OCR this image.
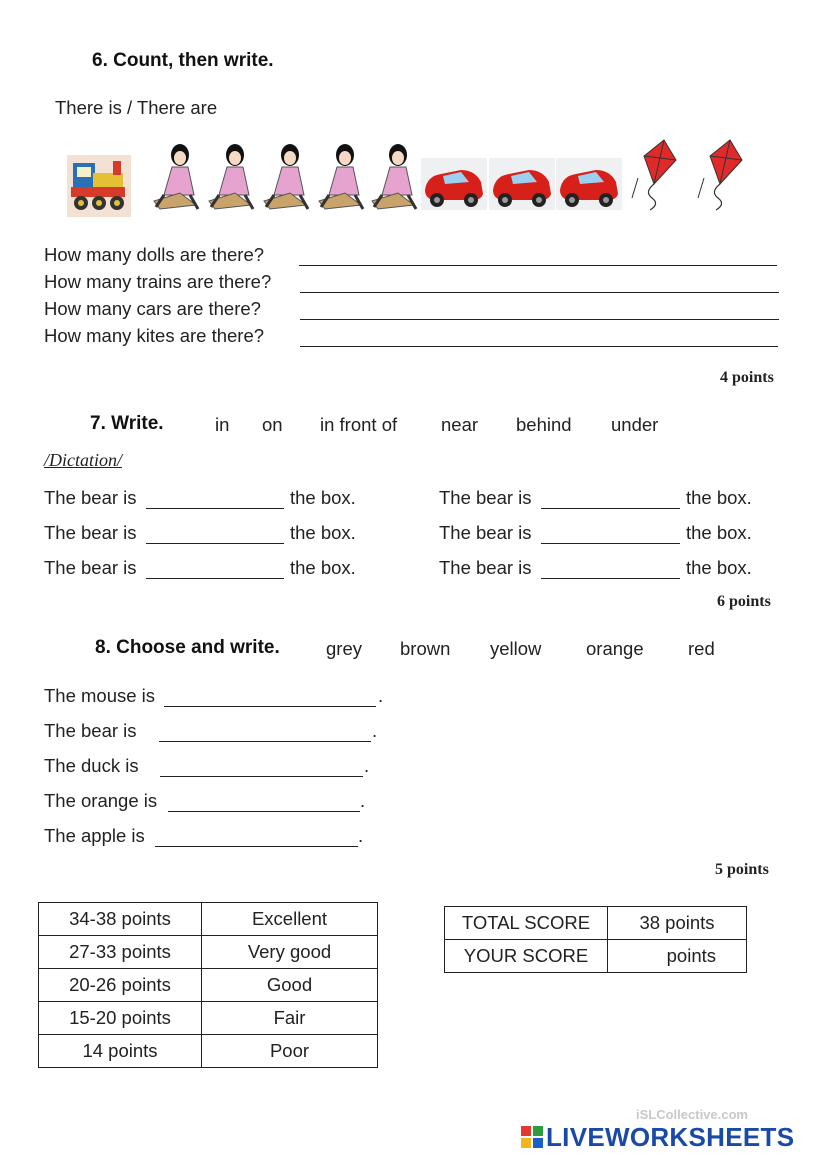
6. Count, then write.
There is / There are
How many dolls are there?
How many trains are there?
How many cars are there?
How many kites are there?
4 points
7. Write.	in on in front of near behind under
/Dictation/
The bear is	the box.
The bear is	the box.
The bear is	the box.
The bear is	the box.
The bear is	the box.
The bear is	the box.
6 points
8. Choose and write. grey brown yellow orange red
The mouse is	.
The bear is	.
The duck is	.
The orange is	.
The apple is	.
5 points
34-38 points	Excellent
27-33 points	Very good
20-26 points	Good
15-20 points	Fair
14 points	Poor
TOTAL SCORE	38 points
YOUR SCORE	points
iSLCollective.com
LIVEWORKSHEETS
